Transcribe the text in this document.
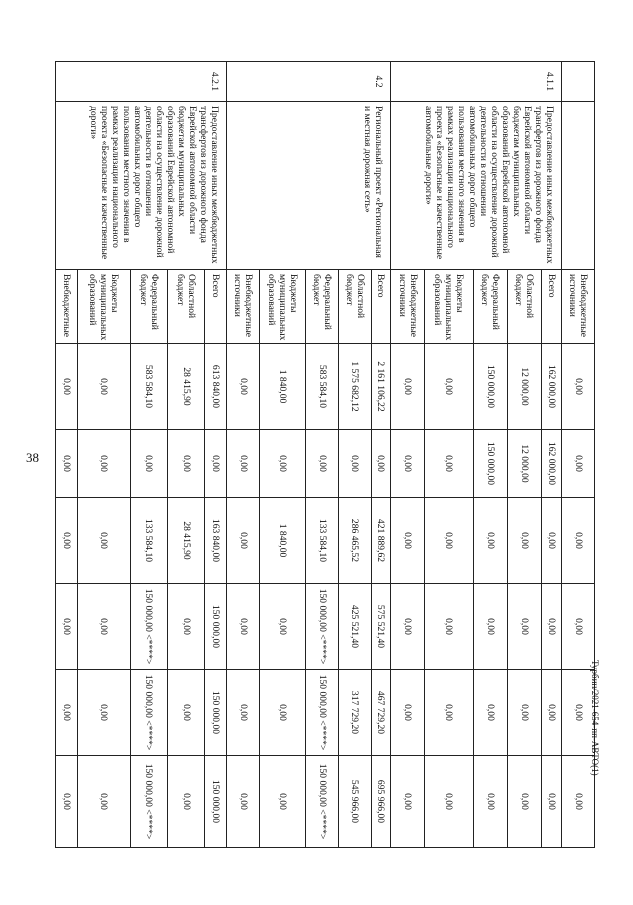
38
		Внебюджетные источники	0,00	0,00	0,00	0,00	0,00	0,00
4.1.1	Предоставление иных межбюджетных трансфертов из дорожного фонда Еврейской автономной области бюджетам муниципальных образований Еврейской автономной области на осуществление дорожной деятельности в отношении автомобильных дорог общего пользования местного значения в рамках реализации национального проекта «Безопасные и качественные автомобильные дороги»	Всего	162 000,00	162 000,00	0,00	0,00	0,00	0,00
		Областной бюджет	12 000,00	12 000,00	0,00	0,00	0,00	0,00
		Федеральный бюджет	150 000,00	150 000,00	0,00	0,00	0,00	0,00
		Бюджеты муниципальных образований	0,00	0,00	0,00	0,00	0,00	0,00
		Внебюджетные источники	0,00	0,00	0,00	0,00	0,00	0,00
4.2	Региональный проект «Региональная и местная дорожная сеть»	Всего	2 161 106,22	0,00	421 889,62	575 521,40	467 729,20	695 966,00
		Областной бюджет	1 575 682,12	0,00	286 465,52	425 521,40	317 729,20	545 966,00
		Федеральный бюджет	583 584,10	0,00	133 584,10	150 000,00 <****>	150 000,00 <****>	150 000,00 <****>
		Бюджеты муниципальных образований	1 840,00	0,00	1 840,00	0,00	0,00	0,00
		Внебюджетные источники	0,00	0,00	0,00	0,00	0,00	0,00
4.2.1	Предоставление иных межбюджетных трансфертов из дорожного фонда Еврейской автономной области бюджетам муниципальных образований Еврейской автономной области на осуществление дорожной деятельности в отношении автомобильных дорог общего пользования местного значения в рамках реализации национального проекта «Безопасные и качественные дороги»	Всего	613 840,00	0,00	163 840,00	150 000,00	150 000,00	150 000,00
		Областной бюджет	28 415,90	0,00	28 415,90	0,00	0,00	0,00
		Федеральный бюджет	583 584,10	0,00	133 584,10	150 000,00 <****>	150 000,00 <****>	150 000,00 <****>
		Бюджеты муниципальных образований	0,00	0,00	0,00	0,00	0,00	0,00
		Внебюджетные	0,00	0,00	0,00	0,00	0,00	0,00
Турбин/2021-654-пп-АВТО(1)
